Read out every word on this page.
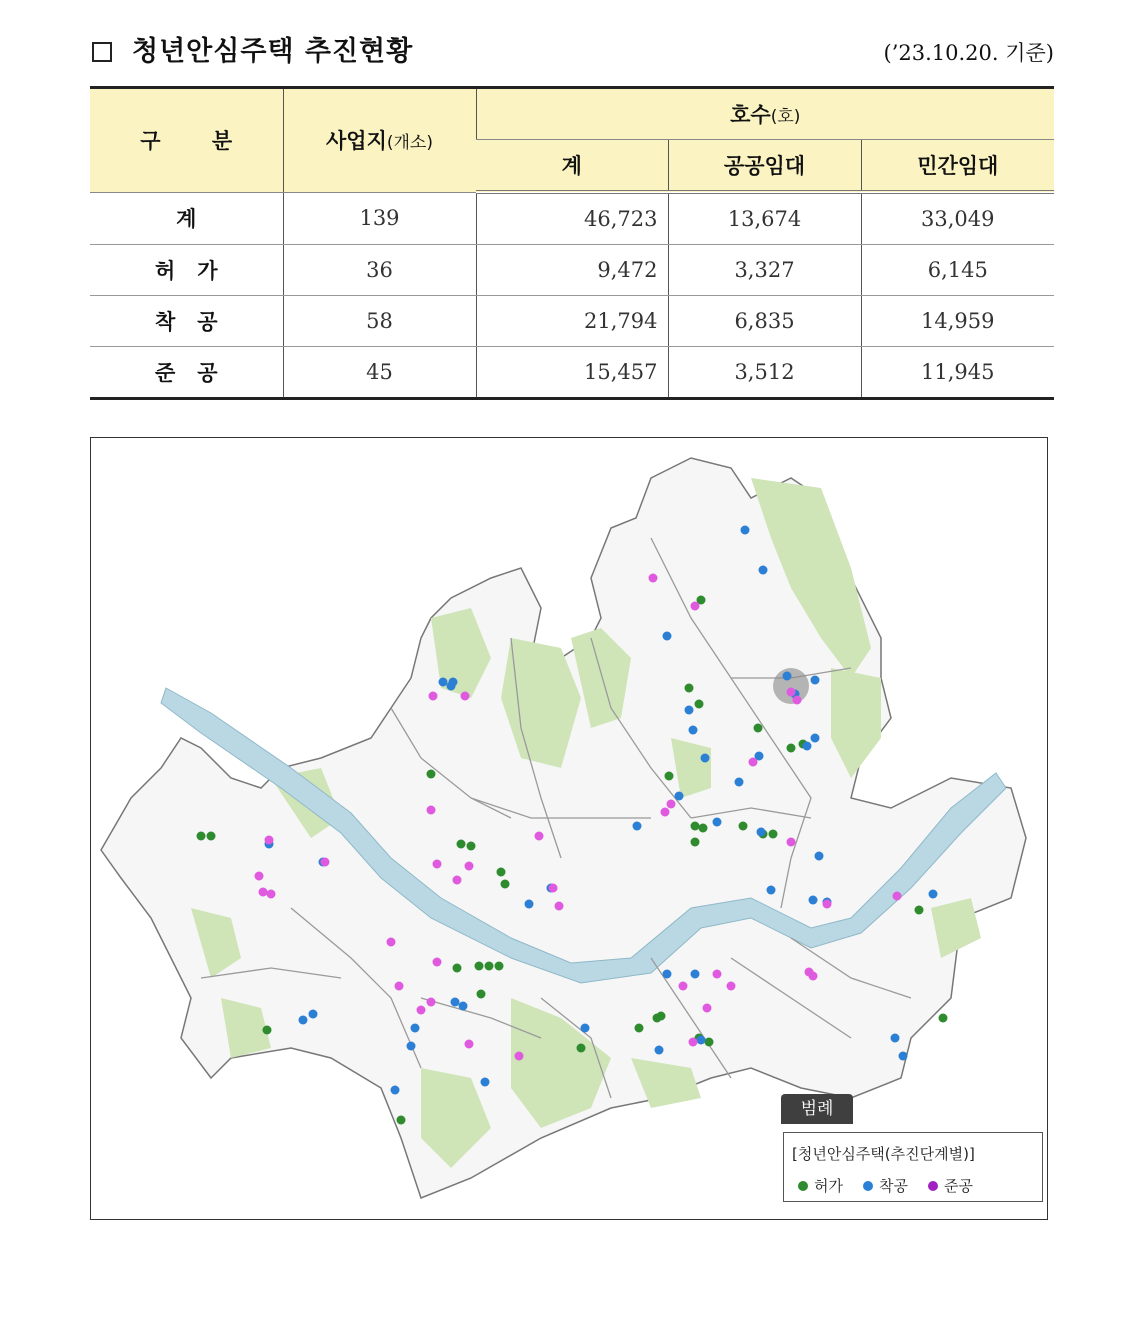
청년안심주택 추진현황	(’23.10.20. 기준)
구 분	사업지(개소)	호수(호)		
		계	공공임대	민간임대
계	139	46,723	13,674	33,049
허가	36	9,472	3,327	6,145
착공	58	21,794	6,835	14,959
준공	45	15,457	3,512	11,945
범례
[청년안심주택(추진단계별)]
허가 착공 준공
